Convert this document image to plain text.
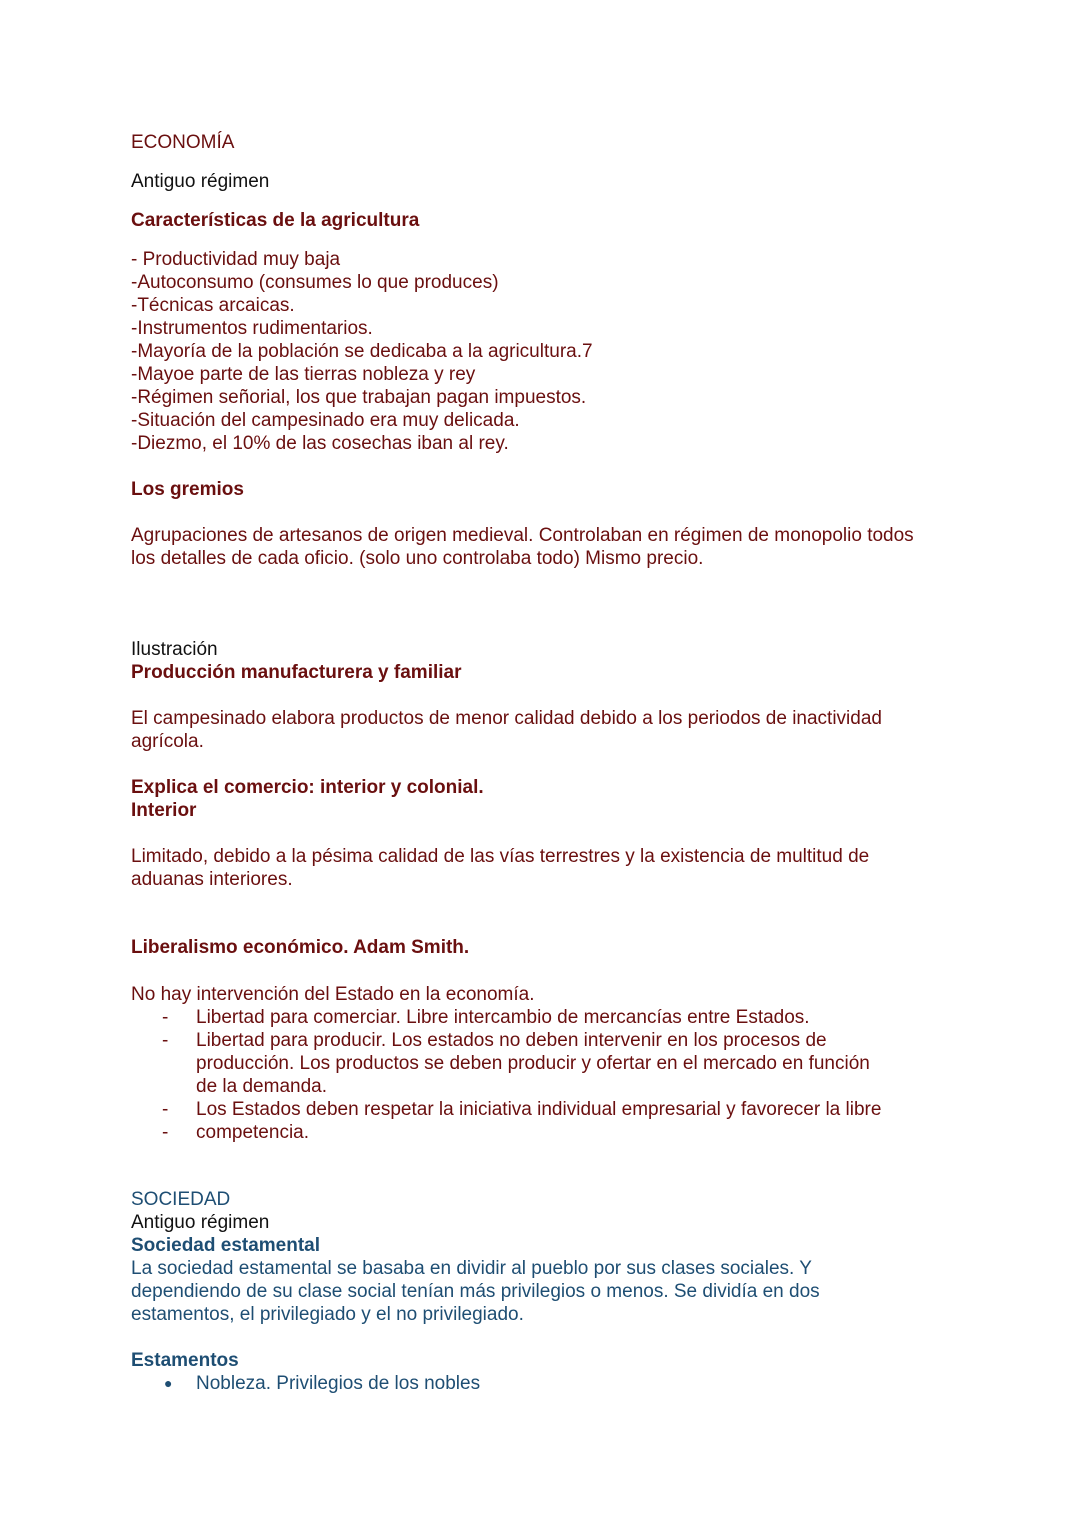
ECONOMÍA

Antiguo régimen

Características de la agricultura

- Productividad muy baja
-Autoconsumo (consumes lo que produces)
-Técnicas arcaicas.
-Instrumentos rudimentarios.
-Mayoría de la población se dedicaba a la agricultura.7
-Mayoe parte de las tierras nobleza y rey
-Régimen señorial, los que trabajan pagan impuestos.
-Situación del campesinado era muy delicada.
-Diezmo, el 10% de las cosechas iban al rey.

Los gremios

Agrupaciones de artesanos de origen medieval. Controlaban en régimen de monopolio todos los detalles de cada oficio. (solo uno controlaba todo) Mismo precio.

Ilustración

Producción manufacturera y familiar

El campesinado elabora productos de menor calidad debido a los periodos de inactividad agrícola.

Explica el comercio: interior y colonial.

Interior

Limitado, debido a la pésima calidad de las vías terrestres y la existencia de multitud de aduanas interiores.

Liberalismo económico. Adam Smith.

No hay intervención del Estado en la economía.

- Libertad para comerciar. Libre intercambio de mercancías entre Estados.
- Libertad para producir. Los estados no deben intervenir en los procesos de producción. Los productos se deben producir y ofertar en el mercado en función de la demanda.
- Los Estados deben respetar la iniciativa individual empresarial y favorecer la libre
- competencia.

SOCIEDAD

Antiguo régimen

Sociedad estamental

La sociedad estamental se basaba en dividir al pueblo por sus clases sociales. Y dependiendo de su clase social tenían más privilegios o menos. Se dividía en dos estamentos, el privilegiado y el no privilegiado.

Estamentos

● Nobleza. Privilegios de los nobles
